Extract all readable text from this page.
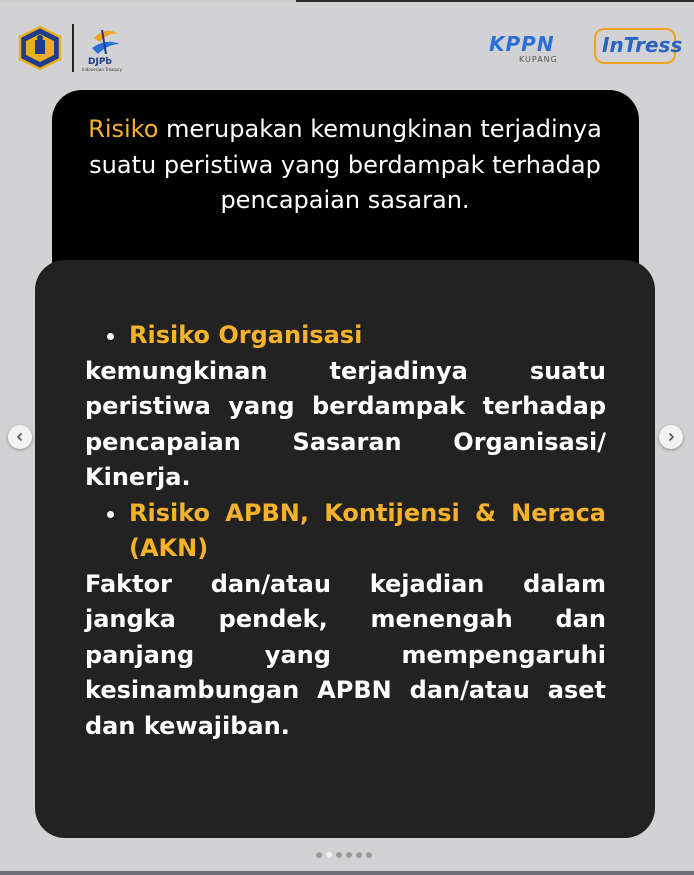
DJPb
Indonesian Treasury
KPPN
KUPANG
InTress
Risiko merupakan kemungkinan terjadinya suatu peristiwa yang berdampak terhadap pencapaian sasaran.
Risiko Organisasi
kemungkinan terjadinya suatu peristiwa yang berdampak terhadap pencapaian Sasaran Organisasi/ Kinerja.
Risiko APBN, Kontijensi & Neraca (AKN)
Faktor dan/atau kejadian dalam jangka pendek, menengah dan panjang yang mempengaruhi kesinambungan APBN dan/atau aset dan kewajiban.
